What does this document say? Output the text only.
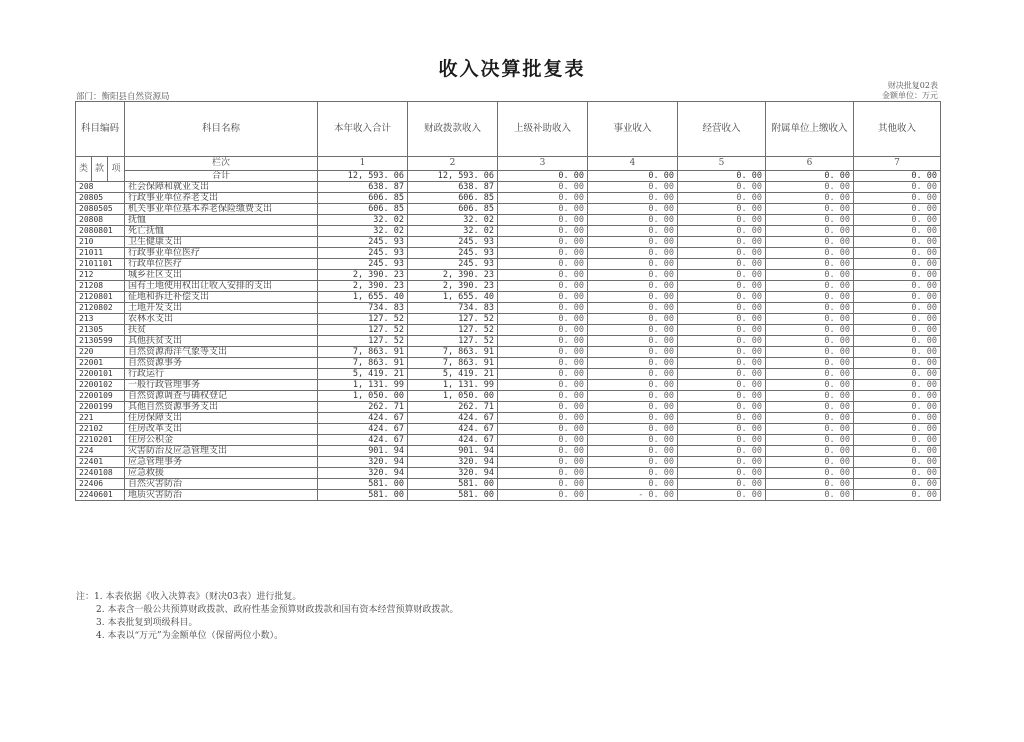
收入决算批复表
部门：衡阳县自然资源局
财决批复02表
金额单位：万元
科目编码			科目名称	本年收入合计	财政拨款收入	上级补助收入	事业收入	经营收入	附属单位上缴收入	其他收入
类	款	项	栏次	1	2	3	4	5	6	7
			合计	12, 593. 06	12, 593. 06	0. 00	0. 00	0. 00	0. 00	0. 00
208			社会保障和就业支出	638. 87	638. 87	0. 00	0. 00	0. 00	0. 00	0. 00
20805			行政事业单位养老支出	606. 85	606. 85	0. 00	0. 00	0. 00	0. 00	0. 00
2080505			机关事业单位基本养老保险缴费支出	606. 85	606. 85	0. 00	0. 00	0. 00	0. 00	0. 00
20808			抚恤	32. 02	32. 02	0. 00	0. 00	0. 00	0. 00	0. 00
2080801			死亡抚恤	32. 02	32. 02	0. 00	0. 00	0. 00	0. 00	0. 00
210			卫生健康支出	245. 93	245. 93	0. 00	0. 00	0. 00	0. 00	0. 00
21011			行政事业单位医疗	245. 93	245. 93	0. 00	0. 00	0. 00	0. 00	0. 00
2101101			行政单位医疗	245. 93	245. 93	0. 00	0. 00	0. 00	0. 00	0. 00
212			城乡社区支出	2, 390. 23	2, 390. 23	0. 00	0. 00	0. 00	0. 00	0. 00
21208			国有土地使用权出让收入安排的支出	2, 390. 23	2, 390. 23	0. 00	0. 00	0. 00	0. 00	0. 00
2120801			征地和拆迁补偿支出	1, 655. 40	1, 655. 40	0. 00	0. 00	0. 00	0. 00	0. 00
2120802			土地开发支出	734. 83	734. 83	0. 00	0. 00	0. 00	0. 00	0. 00
213			农林水支出	127. 52	127. 52	0. 00	0. 00	0. 00	0. 00	0. 00
21305			扶贫	127. 52	127. 52	0. 00	0. 00	0. 00	0. 00	0. 00
2130599			其他扶贫支出	127. 52	127. 52	0. 00	0. 00	0. 00	0. 00	0. 00
220			自然资源海洋气象等支出	7, 863. 91	7, 863. 91	0. 00	0. 00	0. 00	0. 00	0. 00
22001			自然资源事务	7, 863. 91	7, 863. 91	0. 00	0. 00	0. 00	0. 00	0. 00
2200101			行政运行	5, 419. 21	5, 419. 21	0. 00	0. 00	0. 00	0. 00	0. 00
2200102			一般行政管理事务	1, 131. 99	1, 131. 99	0. 00	0. 00	0. 00	0. 00	0. 00
2200109			自然资源调查与确权登记	1, 050. 00	1, 050. 00	0. 00	0. 00	0. 00	0. 00	0. 00
2200199			其他自然资源事务支出	262. 71	262. 71	0. 00	0. 00	0. 00	0. 00	0. 00
221			住房保障支出	424. 67	424. 67	0. 00	0. 00	0. 00	0. 00	0. 00
22102			住房改革支出	424. 67	424. 67	0. 00	0. 00	0. 00	0. 00	0. 00
2210201			住房公积金	424. 67	424. 67	0. 00	0. 00	0. 00	0. 00	0. 00
224			灾害防治及应急管理支出	901. 94	901. 94	0. 00	0. 00	0. 00	0. 00	0. 00
22401			应急管理事务	320. 94	320. 94	0. 00	0. 00	0. 00	0. 00	0. 00
2240108			应急救援	320. 94	320. 94	0. 00	0. 00	0. 00	0. 00	0. 00
22406			自然灾害防治	581. 00	581. 00	0. 00	0. 00	0. 00	0. 00	0. 00
2240601			地质灾害防治	581. 00	581. 00	0. 00	- 0. 00	0. 00	0. 00	0. 00
注：1. 本表依据《收入决算表》（财决03表）进行批复。
2. 本表含一般公共预算财政拨款、政府性基金预算财政拨款和国有资本经营预算财政拨款。
3. 本表批复到项级科目。
4. 本表以“万元”为金额单位（保留两位小数）。
